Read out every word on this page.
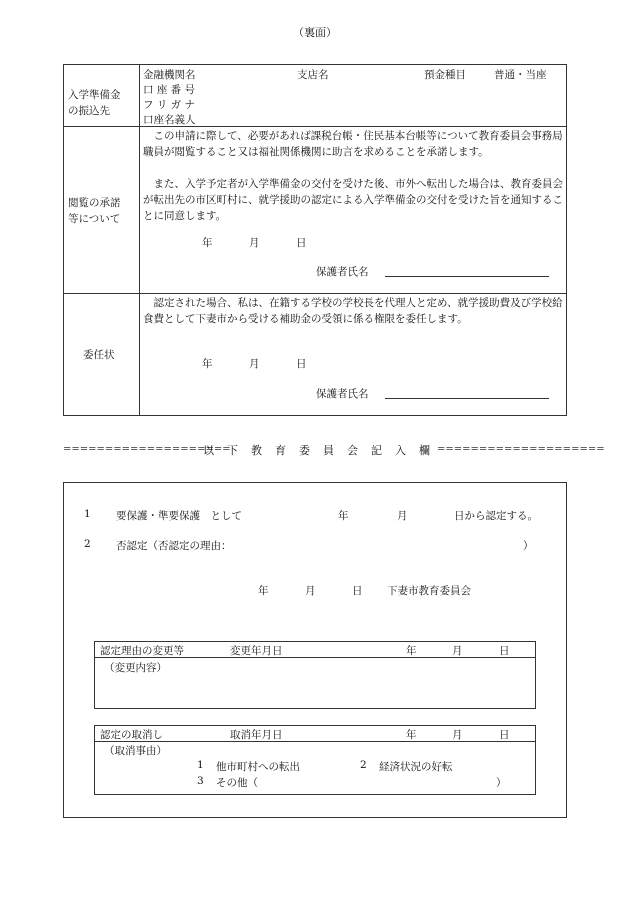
（裏面）
入学準備金
の振込先
金融機関名	支店名	預金種目	普通・当座
口 座 番 号
フ リ ガ ナ
口座名義人
閲覧の承諾
等について
　この申請に際して、必要があれば課税台帳・住民基本台帳等について教育委員会事務局職員が閲覧すること又は福祉関係機関に助言を求めることを承諾します。
　また、入学予定者が入学準備金の交付を受けた後、市外へ転出した場合は、教育委員会が転出先の市区町村に、就学援助の認定による入学準備金の交付を受けた旨を通知することに同意します。
年	月	日
保護者氏名
委任状
　認定された場合、私は、在籍する学校の学校長を代理人と定め、就学援助費及び学校給食費として下妻市から受ける補助金の受領に係る権限を委任します。
年	月	日
保護者氏名
====================
以下教育委員会記入欄
====================
1 要保護・準要保護　として	年	月	日から認定する。
2 否認定（否認定の理由：	）
年	月	日 下妻市教育委員会
認定理由の変更等	変更年月日	年	月	日
（変更内容）
認定の取消し	取消年月日	年	月	日
（取消事由）
1 他市町村への転出	2 経済状況の好転
3 その他（	）
